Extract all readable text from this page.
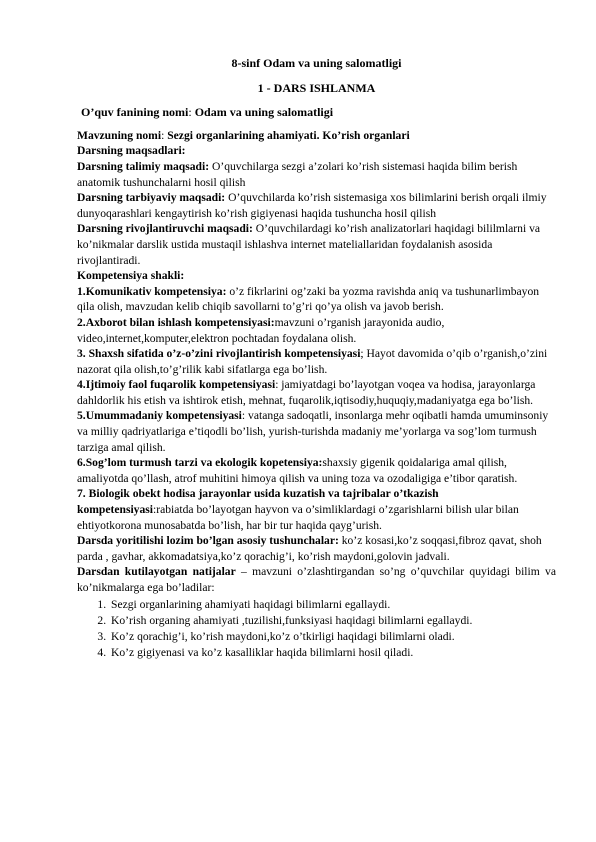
8-sinf Odam va uning salomatligi

1 - DARS ISHLANMA

O’quv fanining nomi: Odam va uning salomatligi

Mavzuning nomi: Sezgi organlarining ahamiyati. Ko’rish organlari

Darsning maqsadlari:

Darsning talimiy maqsadi: O’quvchilarga sezgi a’zolari ko’rish sistemasi haqida bilim berish anatomik tushunchalarni hosil qilish

Darsning tarbiyaviy maqsadi: O’quvchilarda ko’rish sistemasiga xos bilimlarini berish orqali ilmiy dunyoqarashlari kengaytirish ko’rish gigiyenasi haqida tushuncha hosil qilish

Darsning rivojlantiruvchi maqsadi: O’quvchilardagi ko’rish analizatorlari haqidagi bililmlarni va ko’nikmalar darslik ustida mustaqil ishlashva internet mateliallaridan foydalanish asosida rivojlantiradi.

Kompetensiya shakli:

1.Komunikativ kompetensiya: o’z fikrlarini og’zaki ba yozma ravishda aniq va tushunarlimbayon qila olish, mavzudan kelib chiqib savollarni to’g’ri qo’ya olish va javob berish.

2.Axborot bilan ishlash kompetensiyasi:mavzuni o’rganish jarayonida audio, video,internet,komputer,elektron pochtadan foydalana olish.

3. Shaxsh sifatida o’z-o’zini rivojlantirish kompetensiyasi; Hayot davomida o’qib o’rganish,o’zini nazorat qila olish,to’g’rilik kabi sifatlarga ega bo’lish.

4.Ijtimoiy faol fuqarolik kompetensiyasi: jamiyatdagi bo’layotgan voqea va hodisa, jarayonlarga dahldorlik his etish va ishtirok etish, mehnat, fuqarolik,iqtisodiy,huquqiy,madaniyatga ega bo’lish.

5.Umummadaniy kompetensiyasi: vatanga sadoqatli, insonlarga mehr oqibatli hamda umuminsoniy va milliy qadriyatlariga e’tiqodli bo’lish, yurish-turishda madaniy me’yorlarga va sog’lom turmush tarziga amal qilish.

6.Sog’lom turmush tarzi va ekologik kopetensiya:shaxsiy gigenik qoidalariga amal qilish, amaliyotda qo’llash, atrof muhitini himoya qilish va uning toza va ozodaligiga e’tibor qaratish.

7. Biologik obekt hodisa jarayonlar usida kuzatish va tajribalar o’tkazish kompetensiyasi:rabiatda bo’layotgan hayvon va o’simliklardagi o’zgarishlarni bilish ular bilan ehtiyotkorona munosabatda bo’lish, har bir tur haqida qayg’urish.

Darsda yoritilishi lozim bo’lgan asosiy tushunchalar: ko’z kosasi,ko’z soqqasi,fibroz qavat, shoh parda , gavhar, akkomadatsiya,ko’z qorachig’i, ko’rish maydoni,golovin jadvali.

Darsdan kutilayotgan natijalar – mavzuni o’zlashtirgandan so’ng o’quvchilar quyidagi bilim va ko’nikmalarga ega bo’ladilar:

1. Sezgi organlarining ahamiyati haqidagi bilimlarni egallaydi.
2. Ko’rish organing ahamiyati ,tuzilishi,funksiyasi haqidagi bilimlarni egallaydi.
3. Ko’z qorachig’i, ko’rish maydoni,ko’z o’tkirligi haqidagi bilimlarni oladi.
4. Ko’z gigiyenasi va ko’z kasalliklar haqida bilimlarni hosil qiladi.
